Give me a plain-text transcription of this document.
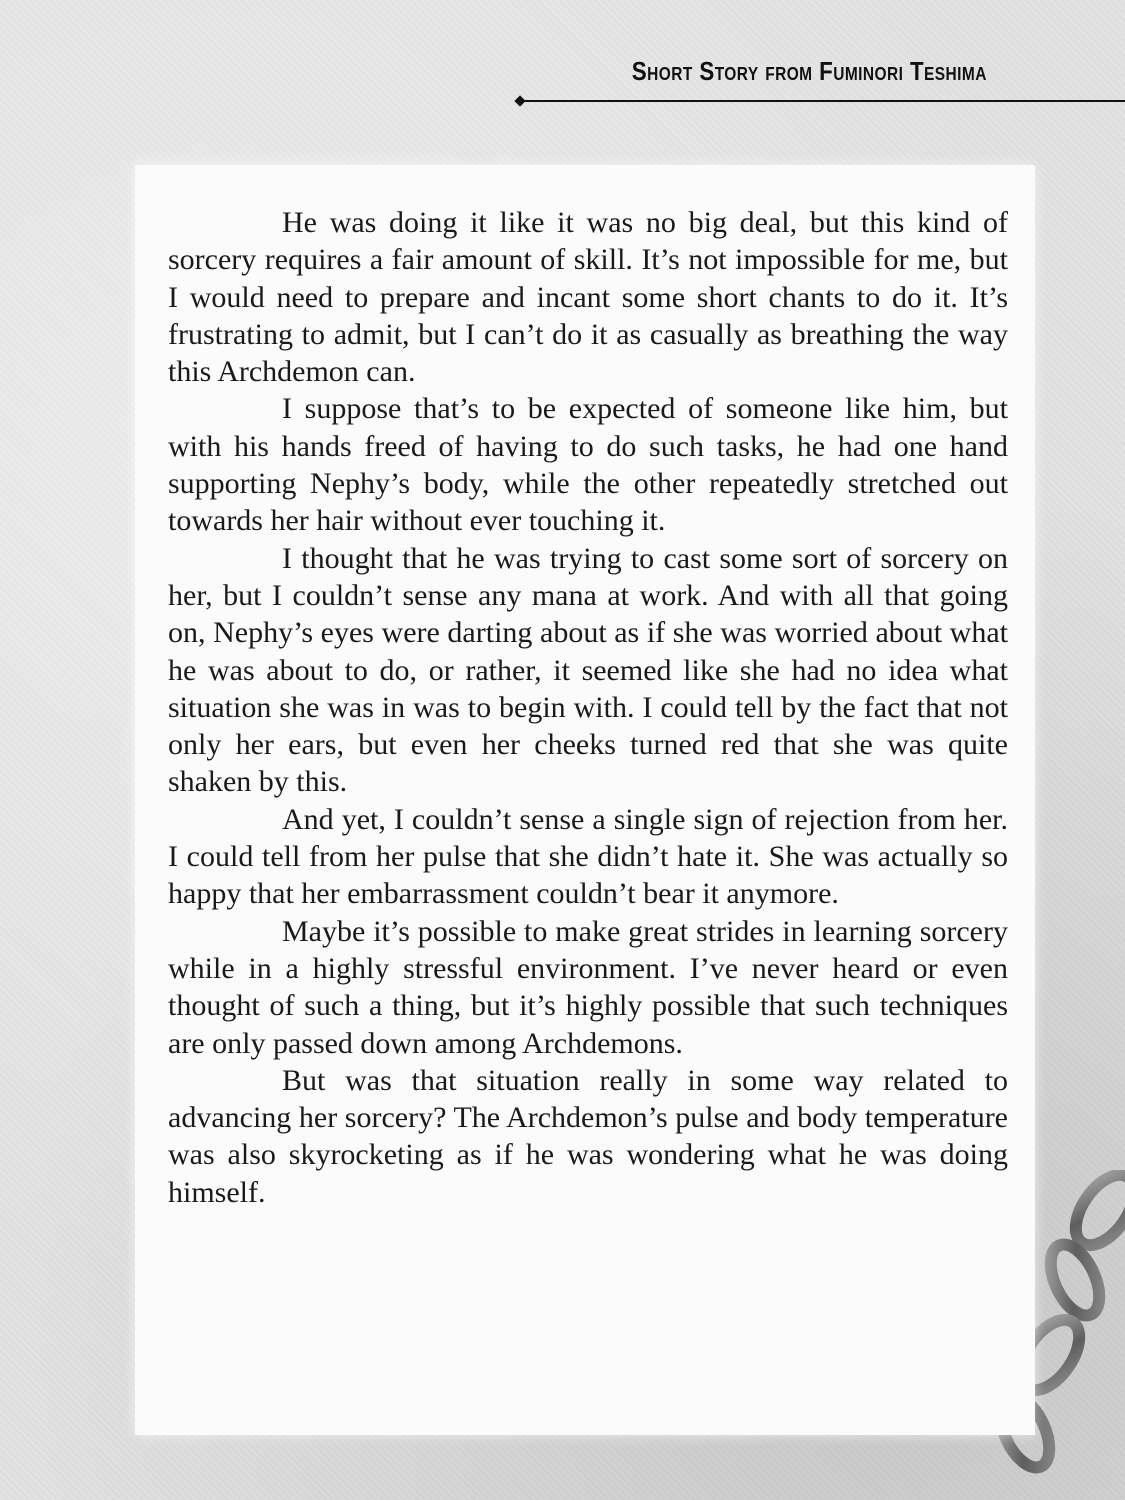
Short Story from Fuminori Teshima

He was doing it like it was no big deal, but this kind of sorcery requires a fair amount of skill. It’s not impossible for me, but I would need to prepare and incant some short chants to do it. It’s frustrating to admit, but I can’t do it as casually as breathing the way this Archdemon can.

I suppose that’s to be expected of someone like him, but with his hands freed of having to do such tasks, he had one hand supporting Nephy’s body, while the other repeatedly stretched out towards her hair without ever touching it.

I thought that he was trying to cast some sort of sorcery on her, but I couldn’t sense any mana at work. And with all that going on, Nephy’s eyes were darting about as if she was worried about what he was about to do, or rather, it seemed like she had no idea what situation she was in was to begin with. I could tell by the fact that not only her ears, but even her cheeks turned red that she was quite shaken by this.

And yet, I couldn’t sense a single sign of rejection from her. I could tell from her pulse that she didn’t hate it. She was actually so happy that her embarrassment couldn’t bear it anymore.

Maybe it’s possible to make great strides in learning sorcery while in a highly stressful environment. I’ve never heard or even thought of such a thing, but it’s highly possible that such techniques are only passed down among Archdemons.

But was that situation really in some way related to advancing her sorcery? The Archdemon’s pulse and body temperature was also skyrocketing as if he was wondering what he was doing himself.
